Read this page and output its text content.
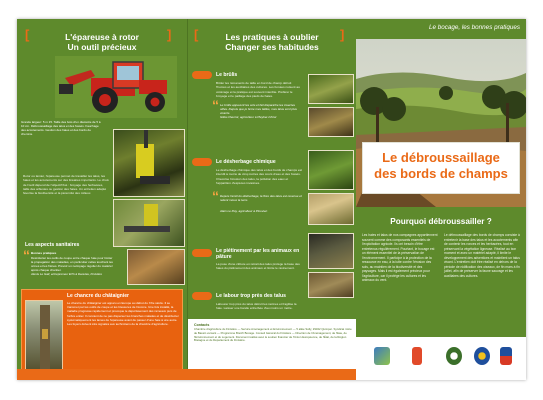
[	]
L'épareuse à rotor
Un outil précieux
Grande largeur: 5 m 15. Taille des bois d'un diamètre de 5 à 10 cm. Débroussaillage des talus et des fossés. Fauchage des accotements. Gestion des haies et des bords de chemins.
Rotor ou lamier, l'épareuse permet de travailler les talus, les haies et les accotements sur des linéaires importants. Le choix de l'outil dépend de l'objectif fixé : broyage des herbacées, taille des arbustes ou gestion des haies. Un entretien adapté favorise la biodiversité et la pérennité des milieux.
Les aspects sanitaires
“ Bonnes pratiques
Désinfecter les outils de coupe entre chaque haie pour limiter la propagation des maladies, en particulier celles touchant les ormes et les frênes. Prévoir un nettoyage régulier du matériel après chaque chantier.
Alexis Le Gall, entrepreneur ETA à Daoulas, Finistère
Le chancre du châtaignier
Le chancre du châtaignier est apparu en Europe au début du XXe siècle. Il se transmet par les outils de coupe et les blessures de l'écorce. Une fois installé, la maladie progresse rapidement et provoque le dépérissement des rameaux puis de l'arbre entier. Il convient de ne pas disperser les branches malades et de désinfecter systématiquement les lames de l'épareuse avant de passer d'une haie à une autre. Les foyers doivent être signalés aux techniciens de la chambre d'agriculture.
[	]
Les pratiques à oublier
Changer ses habitudes
Le brûlis
Brûler les rémanents de taille en bord de champ détruit l'humus et les auxiliaires des cultures. Les fumées nuisent au voisinage et la pratique est souvent interdite. Préférer le broyage et le paillage des pieds de haies.
“ Le brûlis appauvrit les sols et fait disparaître les insectes utiles. Depuis que je broie mes tailles, mes talus sont plus vivants.
Gilles Fleuriot, agriculteur à Pleyber-Christ
Le désherbage chimique
Le désherbage chimique des talus et des bords de champs est interdit à moins de cinq mètres des cours d'eau et des fossés. Il favorise l'érosion des talus, la pollution des eaux et l'apparition d'espèces invasives.
“ Depuis l'arrêt du désherbage, la flore des talus est revenue et retient mieux la terre.
Alain Le Roy, agriculteur à Plouvien
Le piétinement par les animaux en pâture
La pose d'une clôture en retrait des talus protège la base des haies du piétinement des animaux et limite le ravinement.
Le labour trop près des talus
Labourer trop près du talus détruit les racines et fragilise la haie. Laisser une bande enherbée d'au moins un mètre.
Contacts
Chambre d'agriculture du Finistère — Service Aménagement et Environnement — 5 allée Sully, 29322 Quimper. Syndicat mixte de Bassin versant — Programme Breizh Bocage. Conseil Général du Finistère — Direction de l'Aménagement, de l'Eau, de l'Environnement et du Logement. Document réalisé avec le soutien financier de l'Union Européenne, de l'État, de la Région Bretagne et du Département du Finistère.
Le bocage, les bonnes pratiques
Le débroussaillage
des bords de champs
Pourquoi débroussailler ?
Les haies et talus de nos campagnes appartiennent souvent comme des composants essentiels de l'exploitation agricole. Ils ont besoin d'être entretenus régulièrement. Pourtant, le bocage est un élément essentiel de la préservation de l'environnement. Il participe à la protection de la ressource en eau, à la lutte contre l'érosion des sols, au maintien de la biodiversité et des paysages. Mais il est également précieux pour l'agriculture, car il protège les cultures et les animaux du vent.
Le débroussaillage des bords de champs consiste à entretenir la base des talus et les accotements afin de contenir les ronces et les herbacées, tout en préservant la végétation ligneuse. Réalisé au bon moment et avec un matériel adapté, il limite le développement des adventices et maintient un talus vivant. L'entretien doit être réalisé en dehors de la période de nidification des oiseaux, de fin mars à fin juillet, afin de préserver la faune sauvage et les auxiliaires des cultures.
